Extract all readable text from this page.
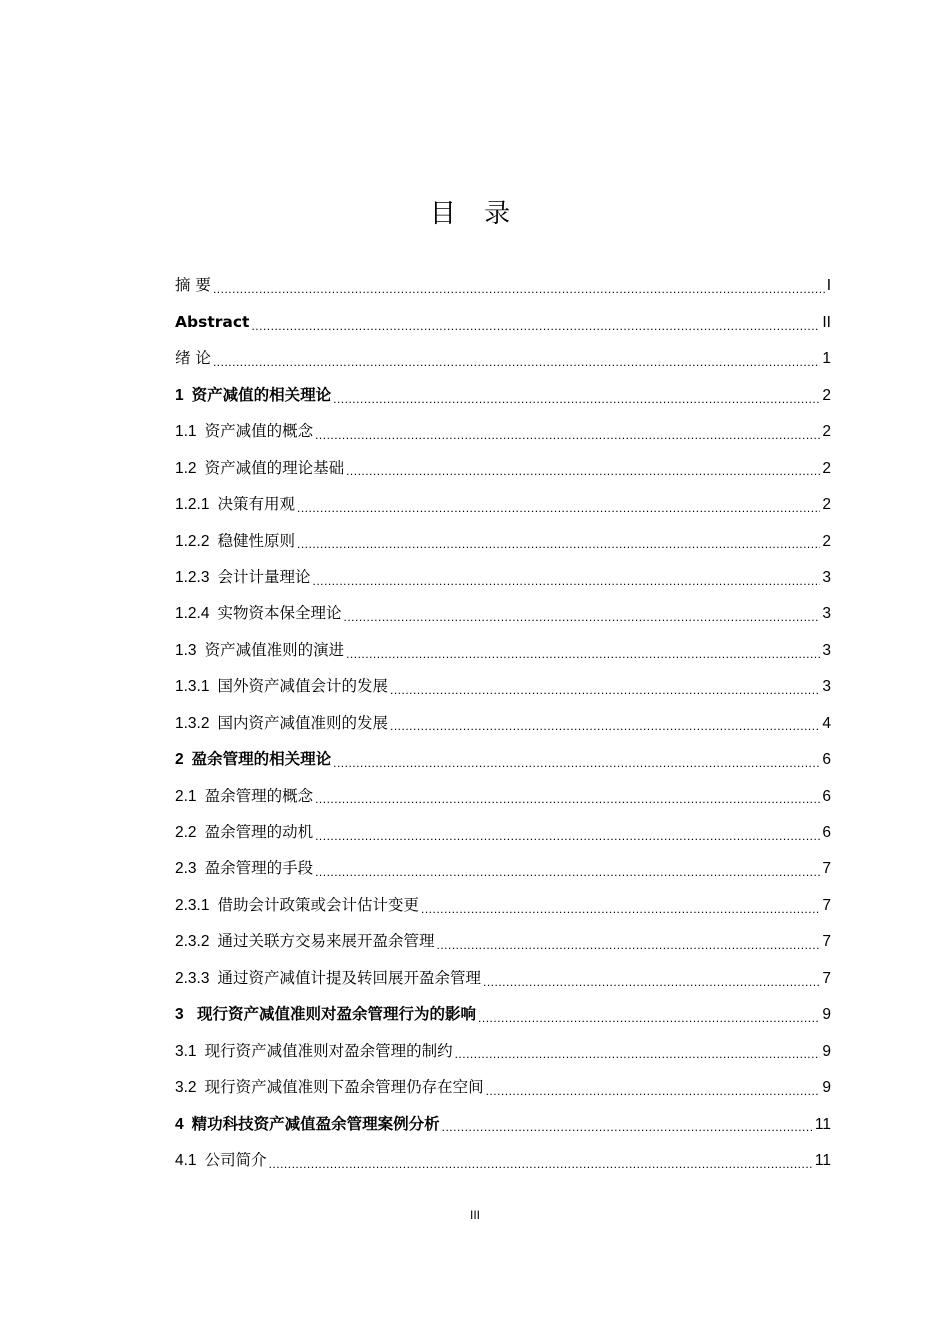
目 录
摘 要 .....	I
Abstract .....	II
绪 论 .....	1
1 资产减值的相关理论 .....	2
1.1 资产减值的概念 .....	2
1.2 资产减值的理论基础 .....	2
1.2.1 决策有用观 .....	2
1.2.2 稳健性原则 .....	2
1.2.3 会计计量理论 .....	3
1.2.4 实物资本保全理论 .....	3
1.3 资产减值准则的演进 .....	3
1.3.1 国外资产减值会计的发展 .....	3
1.3.2 国内资产减值准则的发展 .....	4
2 盈余管理的相关理论 .....	6
2.1 盈余管理的概念 .....	6
2.2 盈余管理的动机 .....	6
2.3 盈余管理的手段 .....	7
2.3.1 借助会计政策或会计估计变更 .....	7
2.3.2 通过关联方交易来展开盈余管理 .....	7
2.3.3 通过资产减值计提及转回展开盈余管理 .....	7
3 现行资产减值准则对盈余管理行为的影响 .....	9
3.1 现行资产减值准则对盈余管理的制约 .....	9
3.2 现行资产减值准则下盈余管理仍存在空间 .....	9
4 精功科技资产减值盈余管理案例分析 .....	11
4.1 公司简介 .....	11
III
